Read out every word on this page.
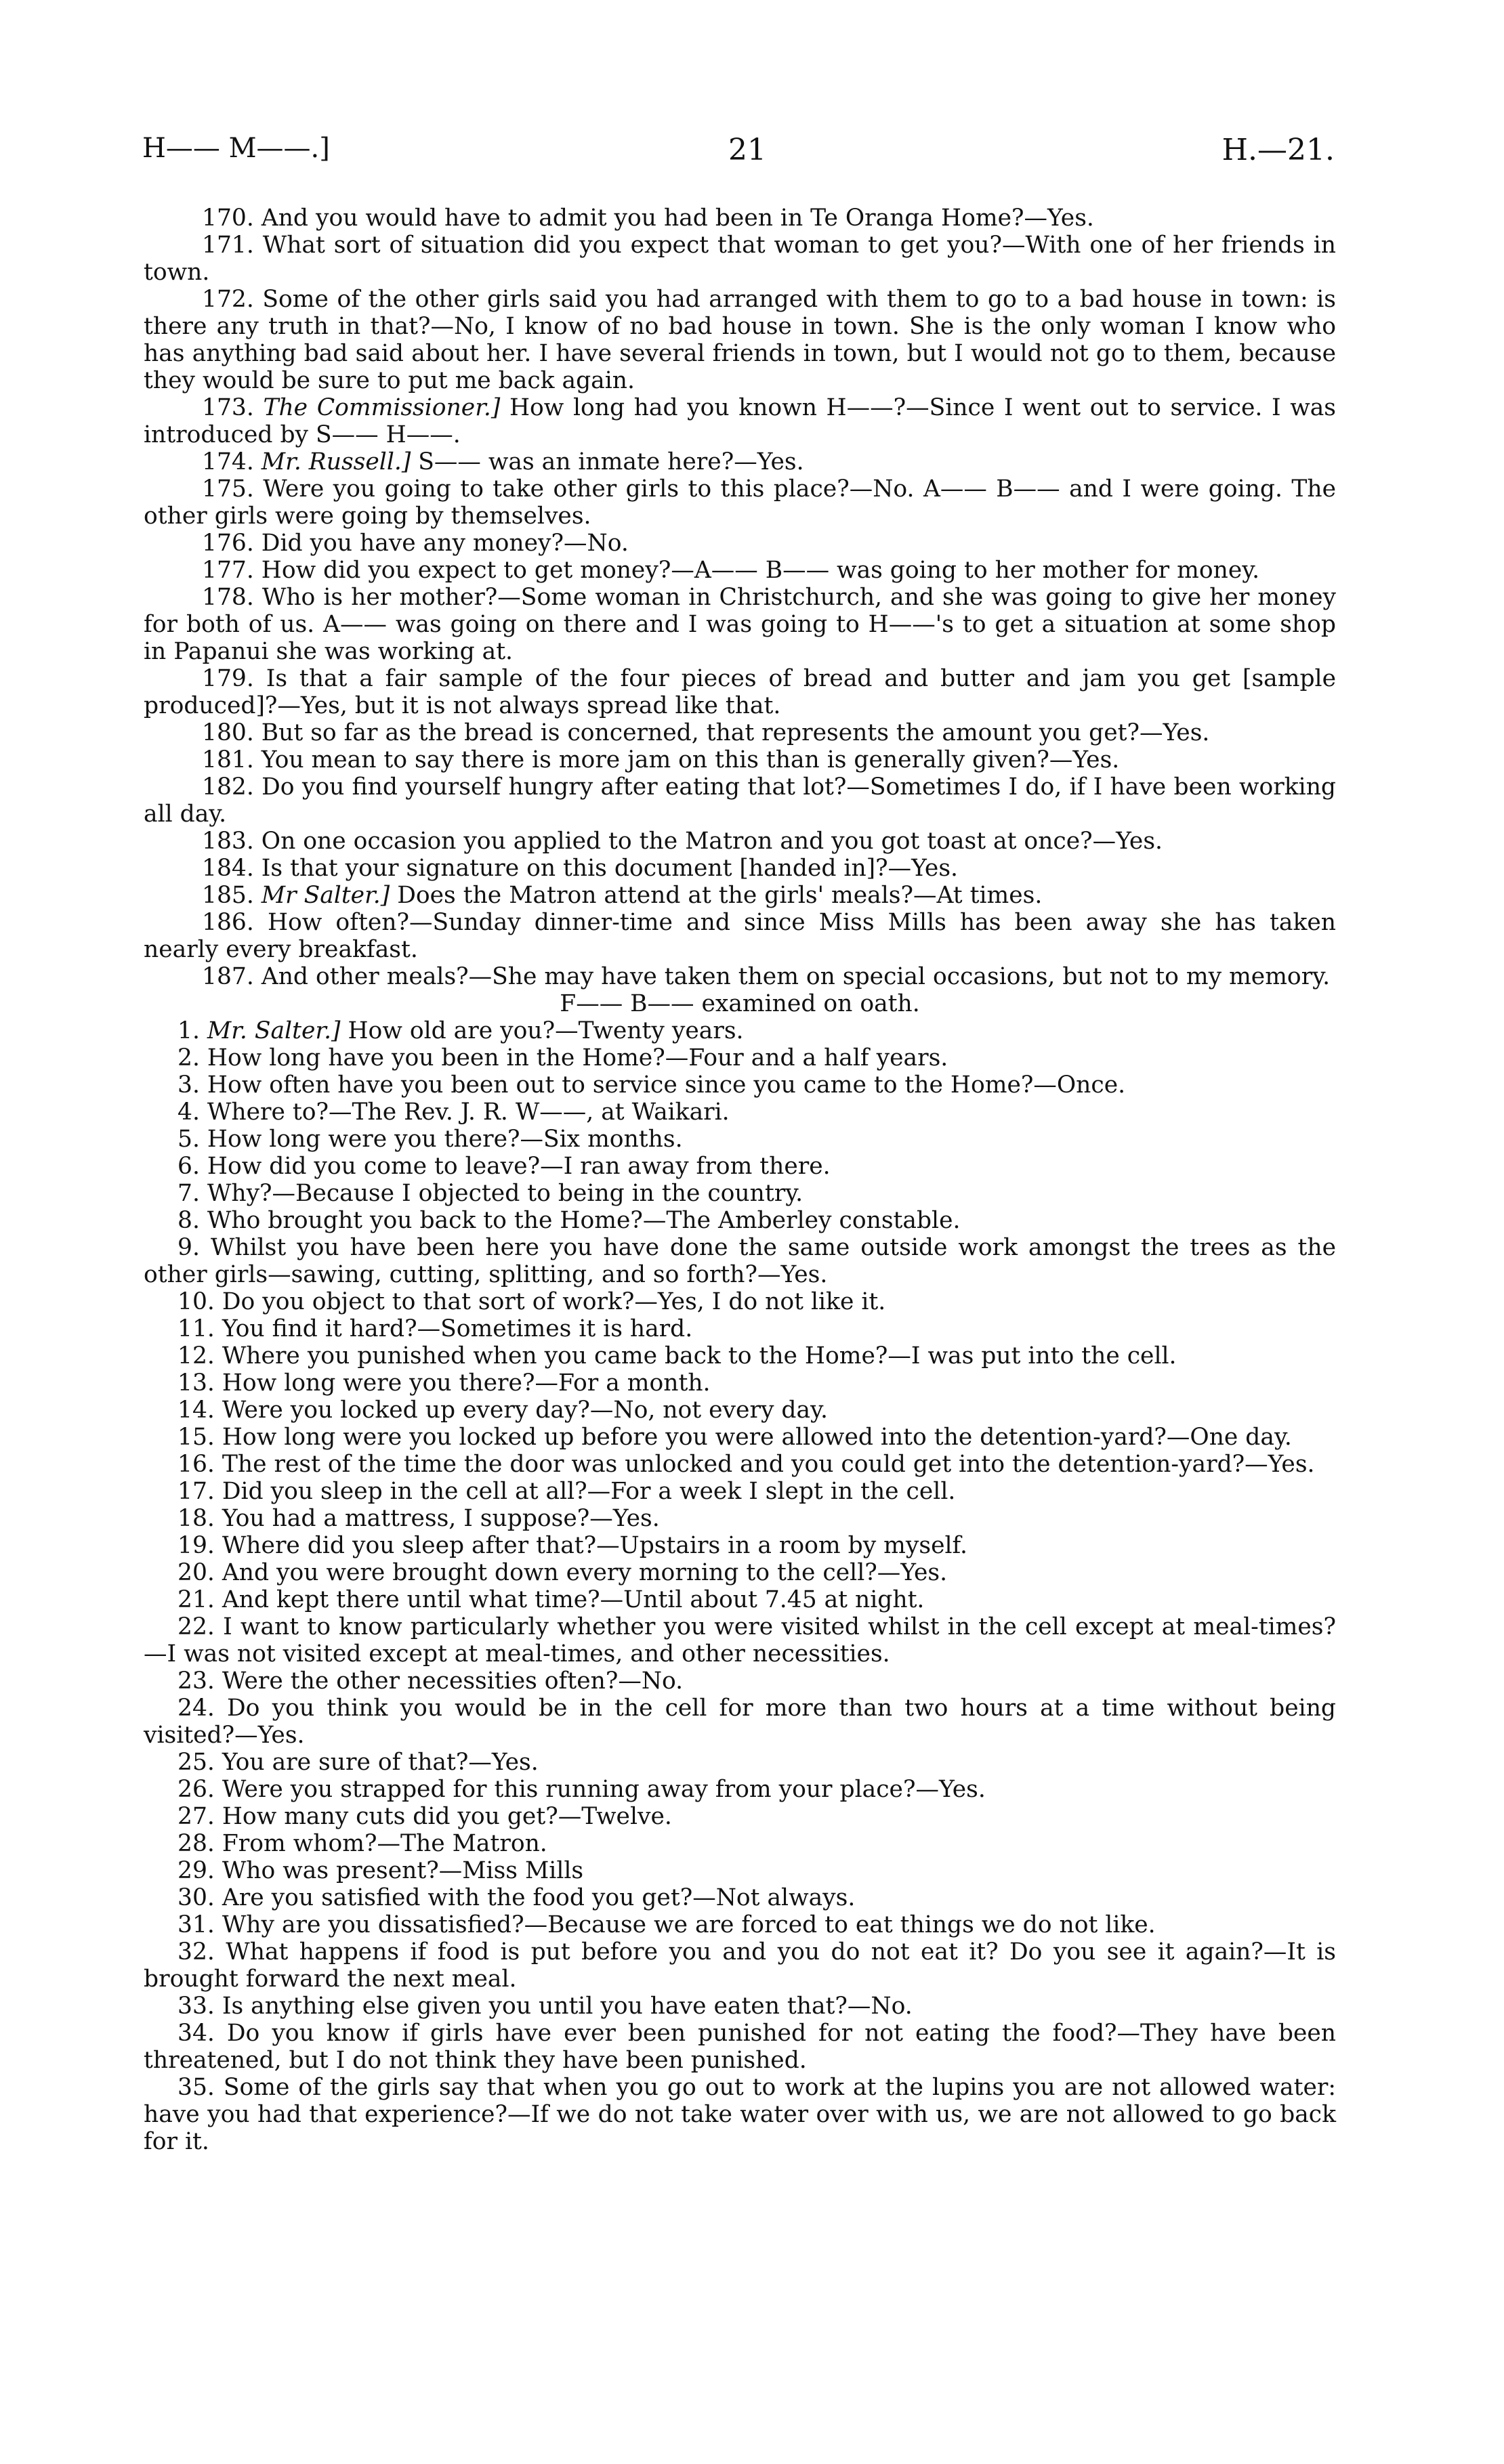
H—— M——.]	21	H.—21.

170. And you would have to admit you had been in Te Oranga Home?—Yes.

171. What sort of situation did you expect that woman to get you?—With one of her friends in town.

172. Some of the other girls said you had arranged with them to go to a bad house in town: is there any truth in that?—No, I know of no bad house in town. She is the only woman I know who has anything bad said about her. I have several friends in town, but I would not go to them, because they would be sure to put me back again.

173. The Commissioner.] How long had you known H——?—Since I went out to service. I was introduced by S—— H——.

174. Mr. Russell.] S—— was an inmate here?—Yes.

175. Were you going to take other girls to this place?—No. A—— B—— and I were going. The other girls were going by themselves.

176. Did you have any money?—No.

177. How did you expect to get money?—A—— B—— was going to her mother for money.

178. Who is her mother?—Some woman in Christchurch, and she was going to give her money for both of us. A—— was going on there and I was going to H——'s to get a situation at some shop in Papanui she was working at.

179. Is that a fair sample of the four pieces of bread and butter and jam you get [sample produced]?—Yes, but it is not always spread like that.

180. But so far as the bread is concerned, that represents the amount you get?—Yes.

181. You mean to say there is more jam on this than is generally given?—Yes.

182. Do you find yourself hungry after eating that lot?—Sometimes I do, if I have been working all day.

183. On one occasion you applied to the Matron and you got toast at once?—Yes.

184. Is that your signature on this document [handed in]?—Yes.

185. Mr Salter.] Does the Matron attend at the girls' meals?—At times.

186. How often?—Sunday dinner-time and since Miss Mills has been away she has taken nearly every breakfast.

187. And other meals?—She may have taken them on special occasions, but not to my memory.

F—— B—— examined on oath.

1. Mr. Salter.] How old are you?—Twenty years.

2. How long have you been in the Home?—Four and a half years.

3. How often have you been out to service since you came to the Home?—Once.

4. Where to?—The Rev. J. R. W——, at Waikari.

5. How long were you there?—Six months.

6. How did you come to leave?—I ran away from there.

7. Why?—Because I objected to being in the country.

8. Who brought you back to the Home?—The Amberley constable.

9. Whilst you have been here you have done the same outside work amongst the trees as the other girls—sawing, cutting, splitting, and so forth?—Yes.

10. Do you object to that sort of work?—Yes, I do not like it.

11. You find it hard?—Sometimes it is hard.

12. Where you punished when you came back to the Home?—I was put into the cell.

13. How long were you there?—For a month.

14. Were you locked up every day?—No, not every day.

15. How long were you locked up before you were allowed into the detention-yard?—One day.

16. The rest of the time the door was unlocked and you could get into the detention-yard?—Yes.

17. Did you sleep in the cell at all?—For a week I slept in the cell.

18. You had a mattress, I suppose?—Yes.

19. Where did you sleep after that?—Upstairs in a room by myself.

20. And you were brought down every morning to the cell?—Yes.

21. And kept there until what time?—Until about 7.45 at night.

22. I want to know particularly whether you were visited whilst in the cell except at meal-times?—I was not visited except at meal-times, and other necessities.

23. Were the other necessities often?—No.

24. Do you think you would be in the cell for more than two hours at a time without being visited?—Yes.

25. You are sure of that?—Yes.

26. Were you strapped for this running away from your place?—Yes.

27. How many cuts did you get?—Twelve.

28. From whom?—The Matron.

29. Who was present?—Miss Mills

30. Are you satisfied with the food you get?—Not always.

31. Why are you dissatisfied?—Because we are forced to eat things we do not like.

32. What happens if food is put before you and you do not eat it? Do you see it again?—It is brought forward the next meal.

33. Is anything else given you until you have eaten that?—No.

34. Do you know if girls have ever been punished for not eating the food?—They have been threatened, but I do not think they have been punished.

35. Some of the girls say that when you go out to work at the lupins you are not allowed water: have you had that experience?—If we do not take water over with us, we are not allowed to go back for it.
